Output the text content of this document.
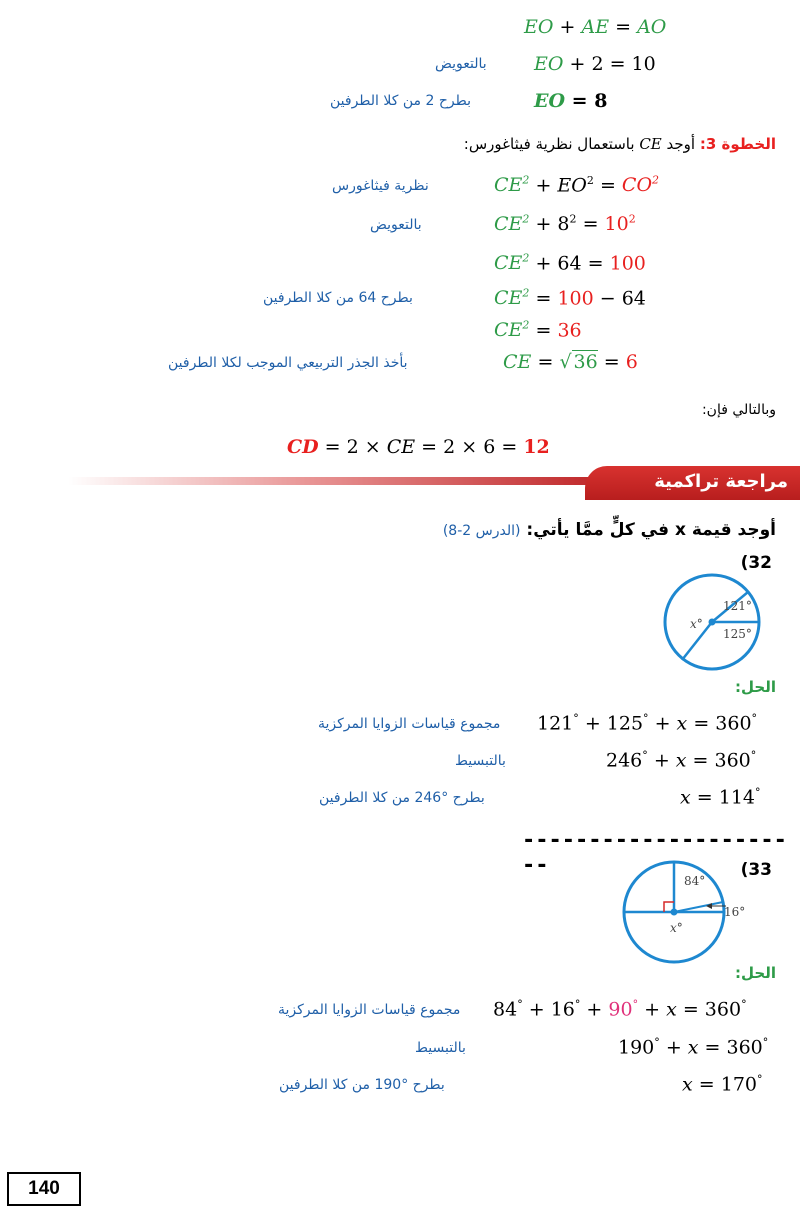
EO + AE = AO
EO + 2 = 10
بالتعويض
EO = 8
بطرح 2 من كلا الطرفين
الخطوة 3: أوجد CE باستعمال نظرية فيثاغورس:
$CE^2 + EO^2 = CO^2$
نظرية فيثاغورس
$CE^2 + 8^2 = 10^2$
بالتعويض
$CE^2 + 64 = 100$
$CE^2 = 100 - 64$
بطرح 64 من كلا الطرفين
$CE^2 = 36$
CE = √ 36 = 6
بأخذ الجذر التربيعي الموجب لكلا الطرفين
وبالتالي فإن:
CD = 2 × CE = 2 × 6 = 12
مراجعة تراكمية
أوجد قيمة x في كلٍّ ممَّا يأتي: (الدرس 2-8)
(32
121°
125°
x°
الحل:
121° + 125° + x = 360°
مجموع قياسات الزوايا المركزية
246° + x = 360°
بالتبسيط
x = 114°
بطرح °246 من كلا الطرفين
----------------------	(33
84°
16°
x°
الحل:
84° + 16° + 90° + x = 360°
مجموع قياسات الزوايا المركزية
190° + x = 360°
بالتبسيط
x = 170°
بطرح °190 من كلا الطرفين
140
